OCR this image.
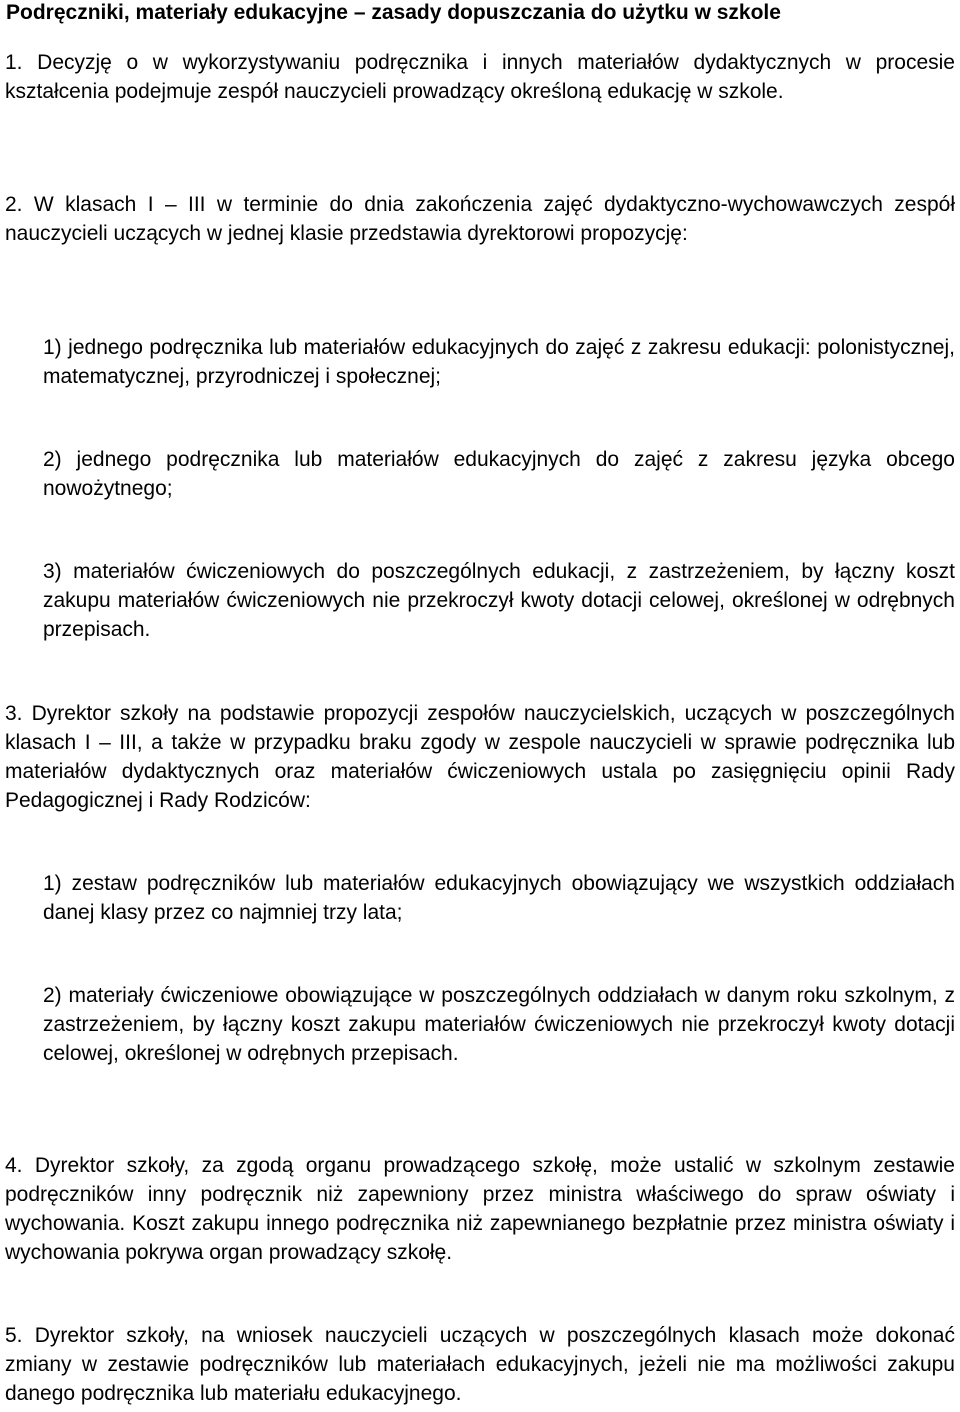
Podręczniki, materiały edukacyjne – zasady dopuszczania do użytku w szkole

1. Decyzję o w wykorzystywaniu podręcznika i innych materiałów dydaktycznych w procesie kształcenia podejmuje zespół nauczycieli prowadzący określoną edukację w szkole.

2. W klasach I – III w terminie do dnia zakończenia zajęć dydaktyczno-wychowawczych zespół nauczycieli uczących w jednej klasie przedstawia dyrektorowi propozycję:

1) jednego podręcznika lub materiałów edukacyjnych do zajęć z zakresu edukacji: polonistycznej, matematycznej, przyrodniczej i społecznej;

2) jednego podręcznika lub materiałów edukacyjnych do zajęć z zakresu języka obcego nowożytnego;

3) materiałów ćwiczeniowych do poszczególnych edukacji, z zastrzeżeniem, by łączny koszt zakupu materiałów ćwiczeniowych nie przekroczył kwoty dotacji celowej, określonej w odrębnych przepisach.

3. Dyrektor szkoły na podstawie propozycji zespołów nauczycielskich, uczących w poszczególnych klasach I – III, a także w przypadku braku zgody w zespole nauczycieli w sprawie podręcznika lub materiałów dydaktycznych oraz materiałów ćwiczeniowych ustala po zasięgnięciu opinii Rady Pedagogicznej i Rady Rodziców:

1) zestaw podręczników lub materiałów edukacyjnych obowiązujący we wszystkich oddziałach danej klasy przez co najmniej trzy lata;

2) materiały ćwiczeniowe obowiązujące w poszczególnych oddziałach w danym roku szkolnym, z zastrzeżeniem, by łączny koszt zakupu materiałów ćwiczeniowych nie przekroczył kwoty dotacji celowej, określonej w odrębnych przepisach.

4. Dyrektor szkoły, za zgodą organu prowadzącego szkołę, może ustalić w szkolnym zestawie podręczników inny podręcznik niż zapewniony przez ministra właściwego do spraw oświaty i wychowania. Koszt zakupu innego podręcznika niż zapewnianego bezpłatnie przez ministra oświaty i wychowania pokrywa organ prowadzący szkołę.

5. Dyrektor szkoły, na wniosek nauczycieli uczących w poszczególnych klasach może dokonać zmiany w zestawie podręczników lub materiałach edukacyjnych, jeżeli nie ma możliwości zakupu danego podręcznika lub materiału edukacyjnego.
